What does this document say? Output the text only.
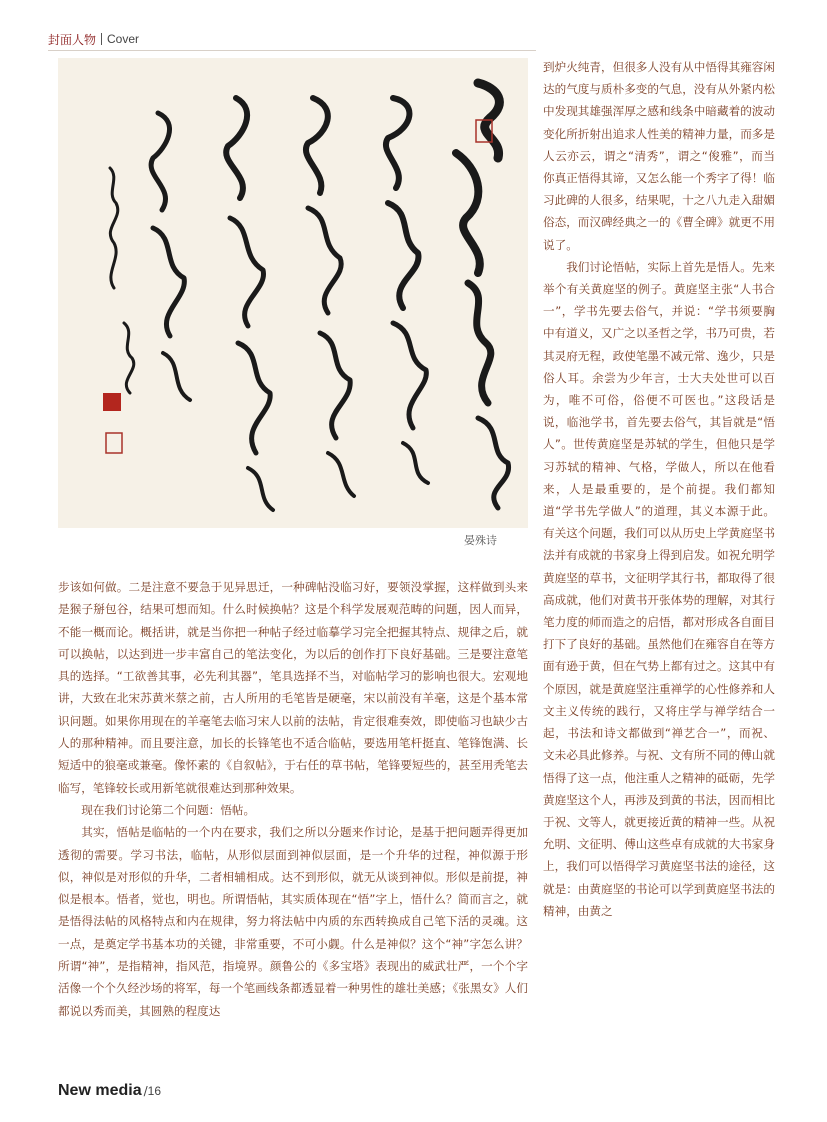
封面人物 Cover
晏殊诗

到炉火纯青，但很多人没有从中悟得其雍容闲达的气度与质朴多变的气息，没有从外紧内松中发现其雄强浑厚之感和线条中暗藏着的波动变化所折射出追求人性美的精神力量，而多是人云亦云，谓之“清秀”，谓之“俊雅”，而当你真正悟得其谛，又怎么能一个秀字了得！临习此碑的人很多，结果呢，十之八九走入甜媚俗态，而汉碑经典之一的《曹全碑》就更不用说了。

我们讨论悟帖，实际上首先是悟人。先来举个有关黄庭坚的例子。黄庭坚主张“人书合一”，学书先要去俗气，并说：“学书须要胸中有道义，又广之以圣哲之学，书乃可贵，若其灵府无程，政使笔墨不减元常、逸少，只是俗人耳。余尝为少年言，士大夫处世可以百为，唯不可俗，俗便不可医也。”这段话是说，临池学书，首先要去俗气，其旨就是“悟人”。世传黄庭坚是苏轼的学生，但他只是学习苏轼的精神、气格，学做人，所以在他看来，人是最重要的，是个前提。我们都知道“学书先学做人”的道理，其义本源于此。有关这个问题，我们可以从历史上学黄庭坚书法并有成就的书家身上得到启发。如祝允明学黄庭坚的草书，文征明学其行书，都取得了很高成就，他们对黄书开张体势的理解，对其行笔力度的师而造之的启悟，都对形成各自面目打下了良好的基础。虽然他们在雍容自在等方面有逊于黄，但在气势上都有过之。这其中有个原因，就是黄庭坚注重禅学的心性修养和人文主义传统的践行，又将庄学与禅学结合一起，书法和诗文都做到“禅艺合一”，而祝、文未必具此修养。与祝、文有所不同的傅山就悟得了这一点，他注重人之精神的砥砺，先学黄庭坚这个人，再涉及到黄的书法，因而相比于祝、文等人，就更接近黄的精神一些。从祝允明、文征明、傅山这些卓有成就的大书家身上，我们可以悟得学习黄庭坚书法的途径，这就是：由黄庭坚的书论可以学到黄庭坚书法的精神，由黄之

步该如何做。二是注意不要急于见异思迁，一种碑帖没临习好，要领没掌握，这样做到头来是猴子掰包谷，结果可想而知。什么时候换帖？这是个科学发展观范畴的问题，因人而异，不能一概而论。概括讲，就是当你把一种帖子经过临摹学习完全把握其特点、规律之后，就可以换帖，以达到进一步丰富自己的笔法变化，为以后的创作打下良好基础。三是要注意笔具的选择。“工欲善其事，必先利其器”，笔具选择不当，对临帖学习的影响也很大。宏观地讲，大致在北宋苏黄米蔡之前，古人所用的毛笔皆是硬毫，宋以前没有羊毫，这是个基本常识问题。如果你用现在的羊毫笔去临习宋人以前的法帖，肯定很难奏效，即使临习也缺少古人的那种精神。而且要注意，加长的长锋笔也不适合临帖，要选用笔杆挺直、笔锋饱满、长短适中的狼毫或兼毫。像怀素的《自叙帖》，于右任的草书帖，笔锋要短些的，甚至用秃笔去临写，笔锋较长或用新笔就很难达到那种效果。

现在我们讨论第二个问题：悟帖。

其实，悟帖是临帖的一个内在要求，我们之所以分题来作讨论，是基于把问题弄得更加透彻的需要。学习书法，临帖，从形似层面到神似层面，是一个升华的过程，神似源于形似，神似是对形似的升华，二者相辅相成。达不到形似，就无从谈到神似。形似是前提，神似是根本。悟者，觉也，明也。所谓悟帖，其实质体现在“悟”字上，悟什么？简而言之，就是悟得法帖的风格特点和内在规律，努力将法帖中内质的东西转换成自己笔下活的灵魂。这一点，是奠定学书基本功的关键，非常重要，不可小觑。什么是神似？这个“神”字怎么讲？所谓“神”，是指精神，指风范，指境界。颜鲁公的《多宝塔》表现出的威武壮严，一个个字活像一个个久经沙场的将军，每一个笔画线条都透显着一种男性的雄壮美感；《张黑女》人们都说以秀而美，其圆熟的程度达

New media / 16
